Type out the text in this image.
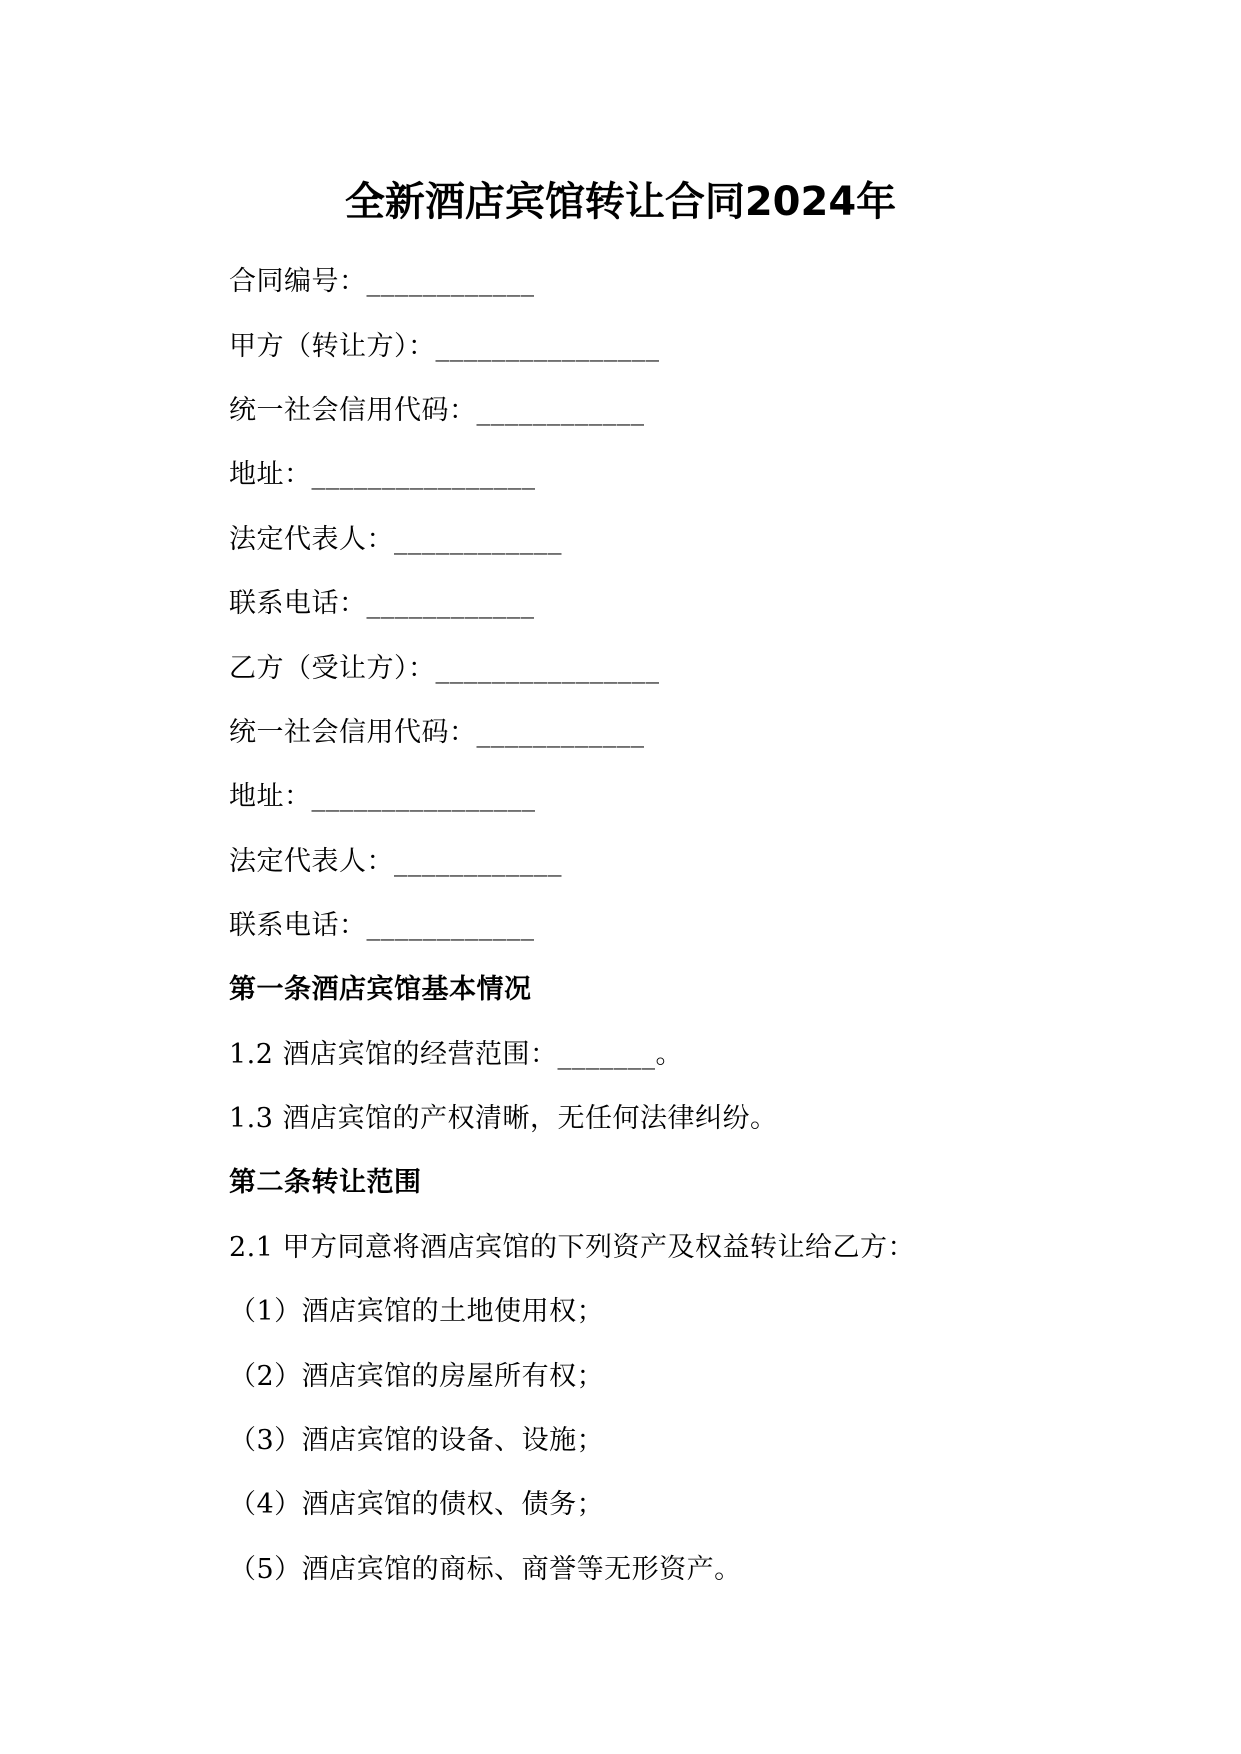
全新酒店宾馆转让合同2024年
合同编号：____________
甲方（转让方）：________________
统一社会信用代码：____________
地址：________________
法定代表人：____________
联系电话：____________
乙方（受让方）：________________
统一社会信用代码：____________
地址：________________
法定代表人：____________
联系电话：____________
第一条酒店宾馆基本情况
1.2 酒店宾馆的经营范围：_______。
1.3 酒店宾馆的产权清晰，无任何法律纠纷。
第二条转让范围
2.1 甲方同意将酒店宾馆的下列资产及权益转让给乙方：
（1）酒店宾馆的土地使用权；
（2）酒店宾馆的房屋所有权；
（3）酒店宾馆的设备、设施；
（4）酒店宾馆的债权、债务；
（5）酒店宾馆的商标、商誉等无形资产。
